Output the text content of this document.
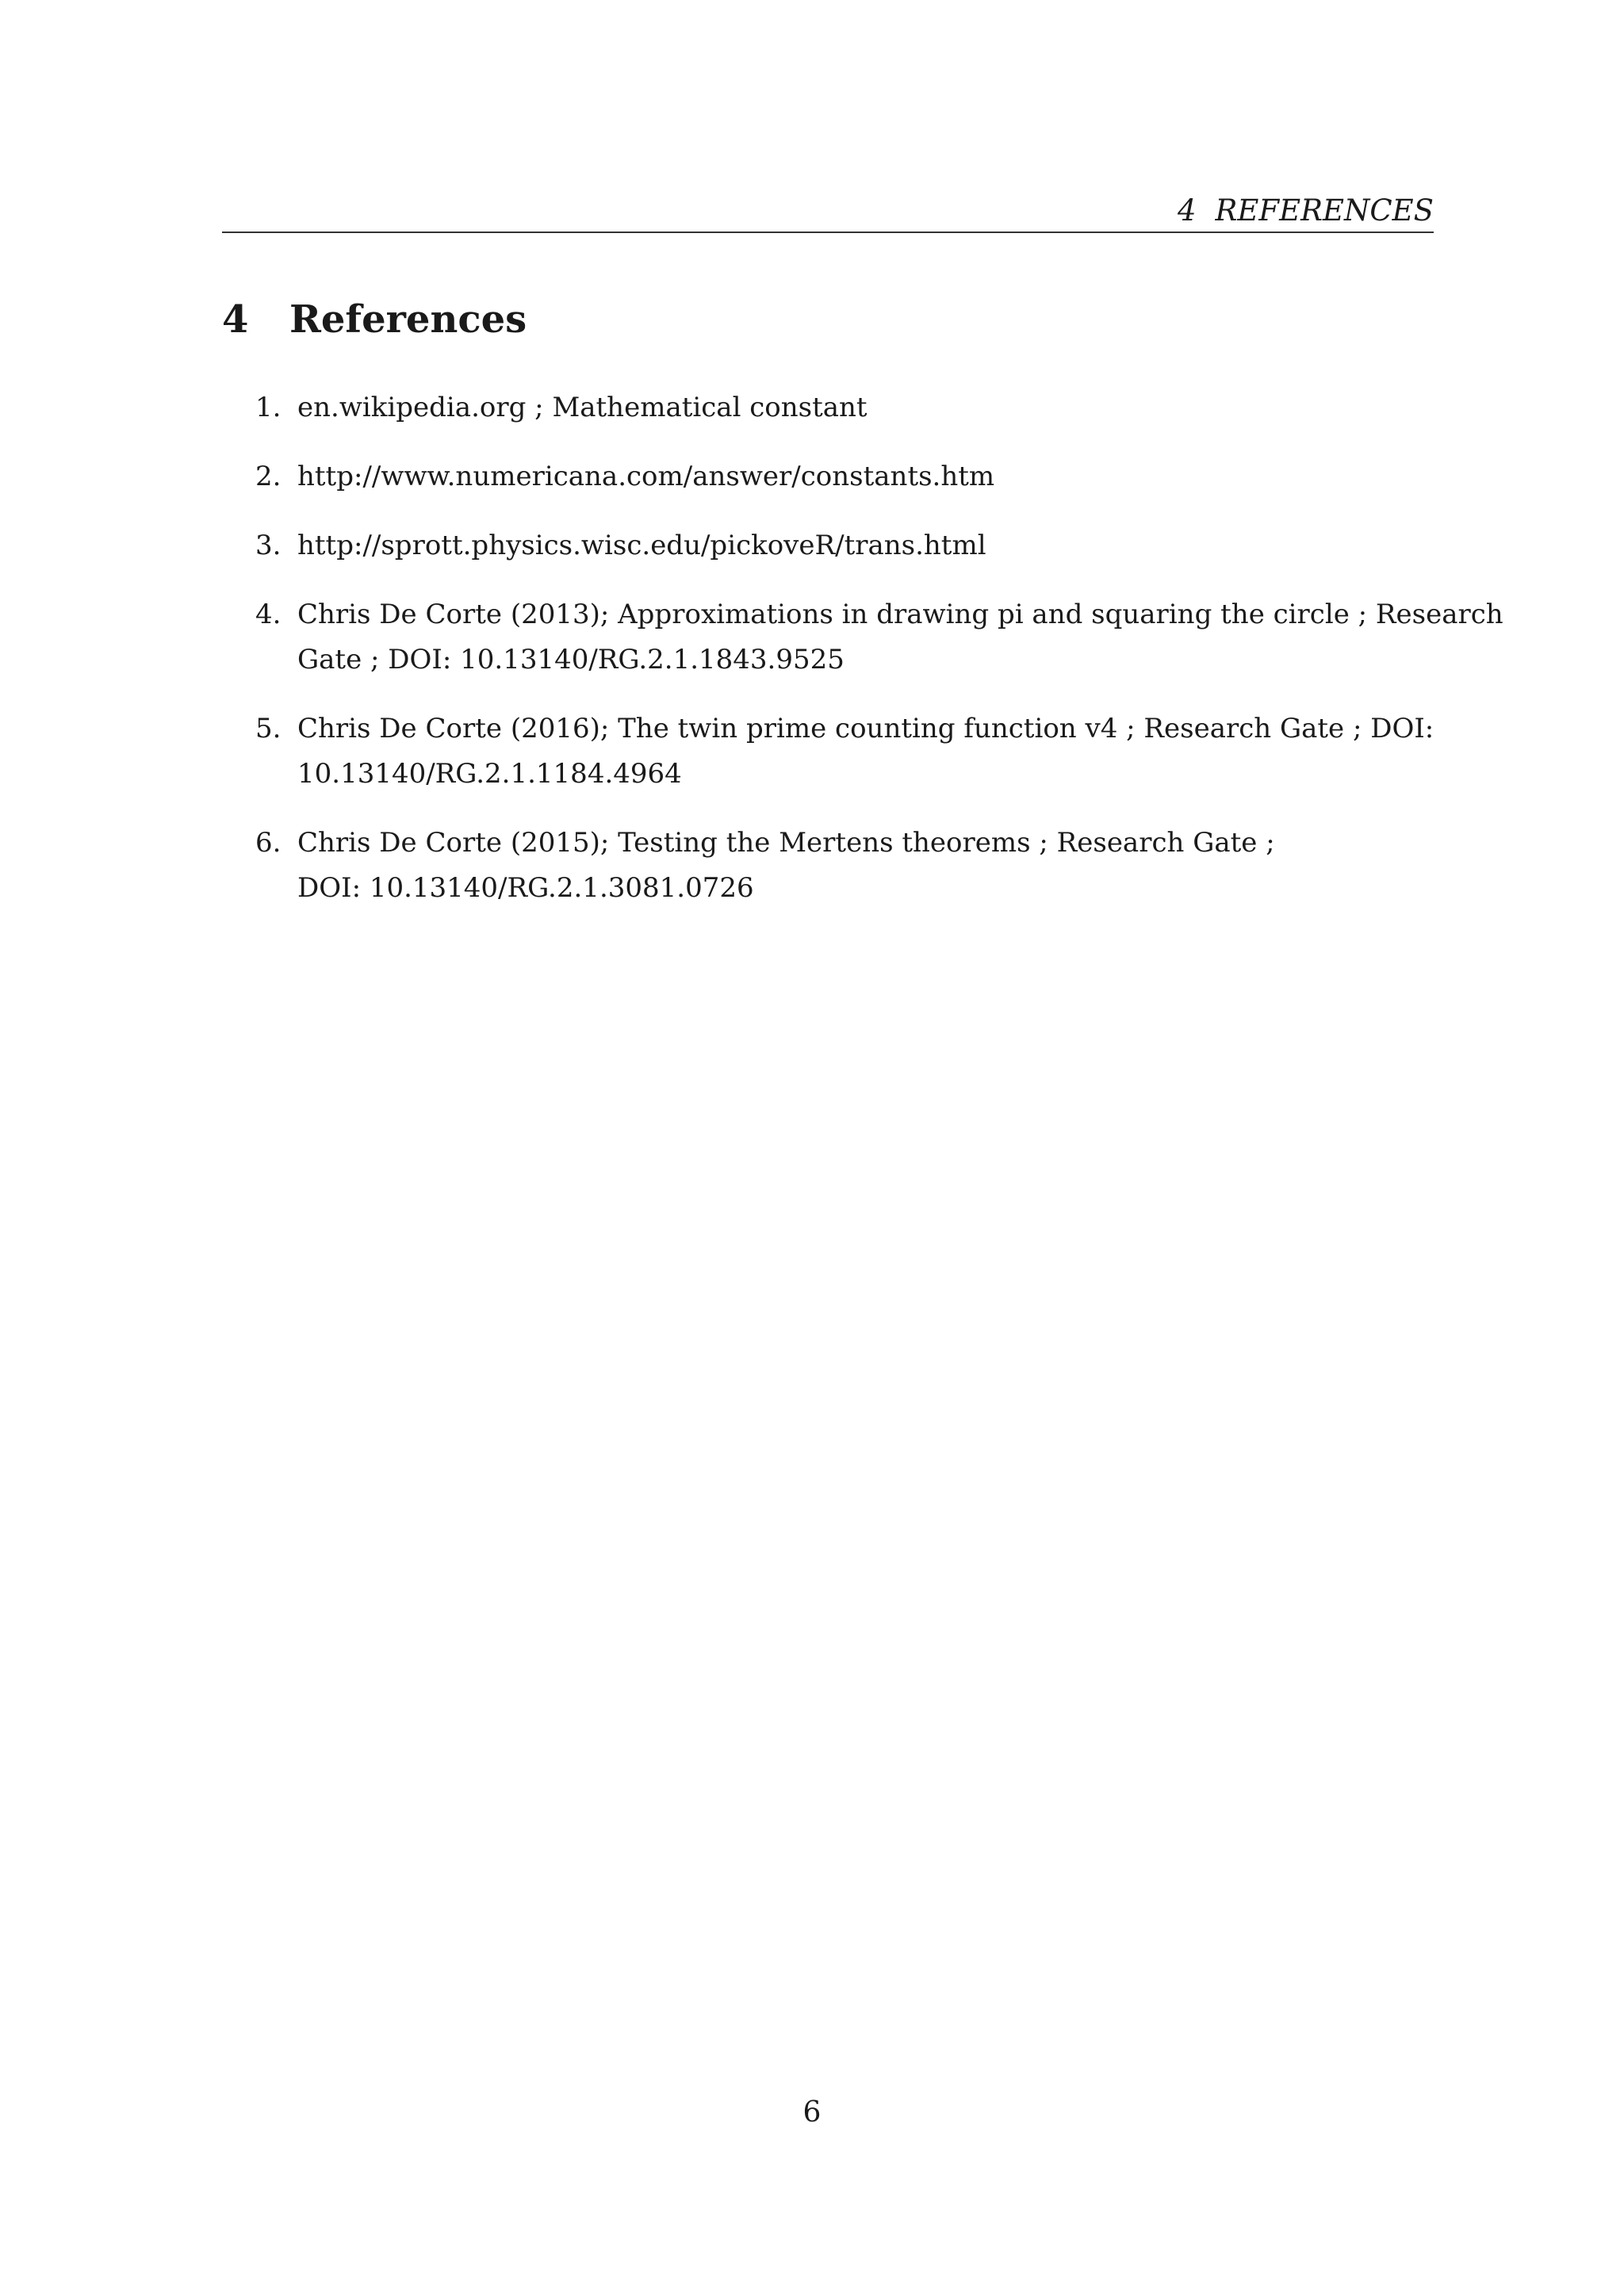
4 REFERENCES
4 References
1. en.wikipedia.org ; Mathematical constant
2. http://www.numericana.com/answer/constants.htm
3. http://sprott.physics.wisc.edu/pickoveR/trans.html
4. Chris De Corte (2013); Approximations in drawing pi and squaring the circle ; Research
Gate ; DOI: 10.13140/RG.2.1.1843.9525
5. Chris De Corte (2016); The twin prime counting function v4 ; Research Gate ; DOI:
10.13140/RG.2.1.1184.4964
6. Chris De Corte (2015); Testing the Mertens theorems ; Research Gate ;
DOI: 10.13140/RG.2.1.3081.0726
6
